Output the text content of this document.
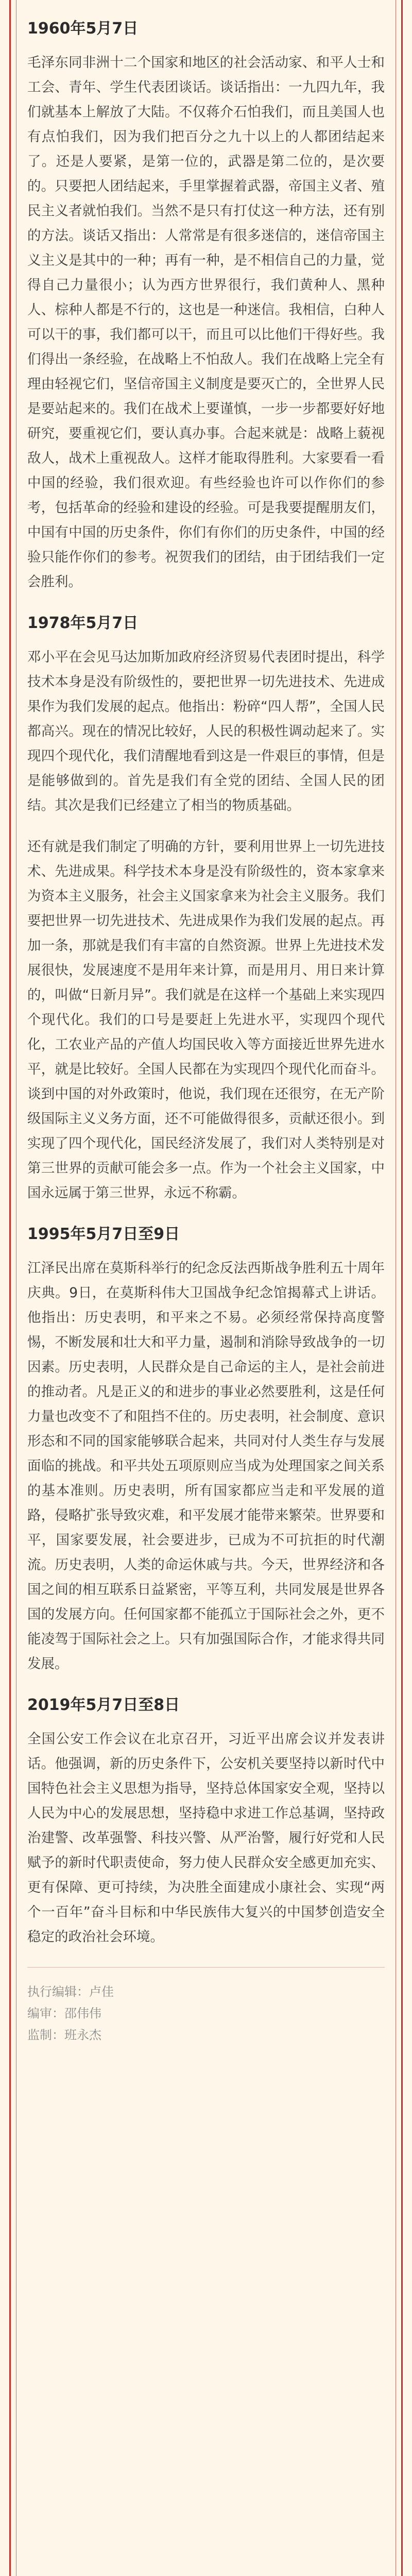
1960年5月7日

毛泽东同非洲十二个国家和地区的社会活动家、和平人士和工会、青年、学生代表团谈话。谈话指出：一九四九年，我们就基本上解放了大陆。不仅蒋介石怕我们，而且美国人也有点怕我们，因为我们把百分之九十以上的人都团结起来了。还是人要紧，是第一位的，武器是第二位的，是次要的。只要把人团结起来，手里掌握着武器，帝国主义者、殖民主义者就怕我们。当然不是只有打仗这一种方法，还有别的方法。谈话又指出：人常常是有很多迷信的，迷信帝国主义主义是其中的一种；再有一种，是不相信自己的力量，觉得自己力量很小；认为西方世界很行，我们黄种人、黑种人、棕种人都是不行的，这也是一种迷信。我相信，白种人可以干的事，我们都可以干，而且可以比他们干得好些。我们得出一条经验，在战略上不怕敌人。我们在战略上完全有理由轻视它们，坚信帝国主义制度是要灭亡的，全世界人民是要站起来的。我们在战术上要谨慎，一步一步都要好好地研究，要重视它们，要认真办事。合起来就是：战略上藐视敌人，战术上重视敌人。这样才能取得胜利。大家要看一看中国的经验，我们很欢迎。有些经验也许可以作你们的参考，包括革命的经验和建设的经验。可是我要提醒朋友们，中国有中国的历史条件，你们有你们的历史条件，中国的经验只能作你们的参考。祝贺我们的团结，由于团结我们一定会胜利。

1978年5月7日

邓小平在会见马达加斯加政府经济贸易代表团时提出，科学技术本身是没有阶级性的，要把世界一切先进技术、先进成果作为我们发展的起点。他指出：粉碎“四人帮”，全国人民都高兴。现在的情况比较好，人民的积极性调动起来了。实现四个现代化，我们清醒地看到这是一件艰巨的事情，但是是能够做到的。首先是我们有全党的团结、全国人民的团结。其次是我们已经建立了相当的物质基础。

还有就是我们制定了明确的方针，要利用世界上一切先进技术、先进成果。科学技术本身是没有阶级性的，资本家拿来为资本主义服务，社会主义国家拿来为社会主义服务。我们要把世界一切先进技术、先进成果作为我们发展的起点。再加一条，那就是我们有丰富的自然资源。世界上先进技术发展很快，发展速度不是用年来计算，而是用月、用日来计算的，叫做“日新月异”。我们就是在这样一个基础上来实现四个现代化。我们的口号是要赶上先进水平，实现四个现代化，工农业产品的产值人均国民收入等方面接近世界先进水平，就是比较好。全国人民都在为实现四个现代化而奋斗。谈到中国的对外政策时，他说，我们现在还很穷，在无产阶级国际主义义务方面，还不可能做得很多，贡献还很小。到实现了四个现代化，国民经济发展了，我们对人类特别是对第三世界的贡献可能会多一点。作为一个社会主义国家，中国永远属于第三世界，永远不称霸。

1995年5月7日至9日

江泽民出席在莫斯科举行的纪念反法西斯战争胜利五十周年庆典。9日，在莫斯科伟大卫国战争纪念馆揭幕式上讲话。他指出：历史表明，和平来之不易。必须经常保持高度警惕，不断发展和壮大和平力量，遏制和消除导致战争的一切因素。历史表明，人民群众是自己命运的主人，是社会前进的推动者。凡是正义的和进步的事业必然要胜利，这是任何力量也改变不了和阻挡不住的。历史表明，社会制度、意识形态和不同的国家能够联合起来，共同对付人类生存与发展面临的挑战。和平共处五项原则应当成为处理国家之间关系的基本准则。历史表明，所有国家都应当走和平发展的道路，侵略扩张导致灾难，和平发展才能带来繁荣。世界要和平，国家要发展，社会要进步，已成为不可抗拒的时代潮流。历史表明，人类的命运休戚与共。今天，世界经济和各国之间的相互联系日益紧密，平等互利，共同发展是世界各国的发展方向。任何国家都不能孤立于国际社会之外，更不能凌驾于国际社会之上。只有加强国际合作，才能求得共同发展。

2019年5月7日至8日

全国公安工作会议在北京召开，习近平出席会议并发表讲话。他强调，新的历史条件下，公安机关要坚持以新时代中国特色社会主义思想为指导，坚持总体国家安全观，坚持以人民为中心的发展思想，坚持稳中求进工作总基调，坚持政治建警、改革强警、科技兴警、从严治警，履行好党和人民赋予的新时代职责使命，努力使人民群众安全感更加充实、更有保障、更可持续，为决胜全面建成小康社会、实现“两个一百年”奋斗目标和中华民族伟大复兴的中国梦创造安全稳定的政治社会环境。

执行编辑：卢佳
编审：邵伟伟
监制：班永杰
